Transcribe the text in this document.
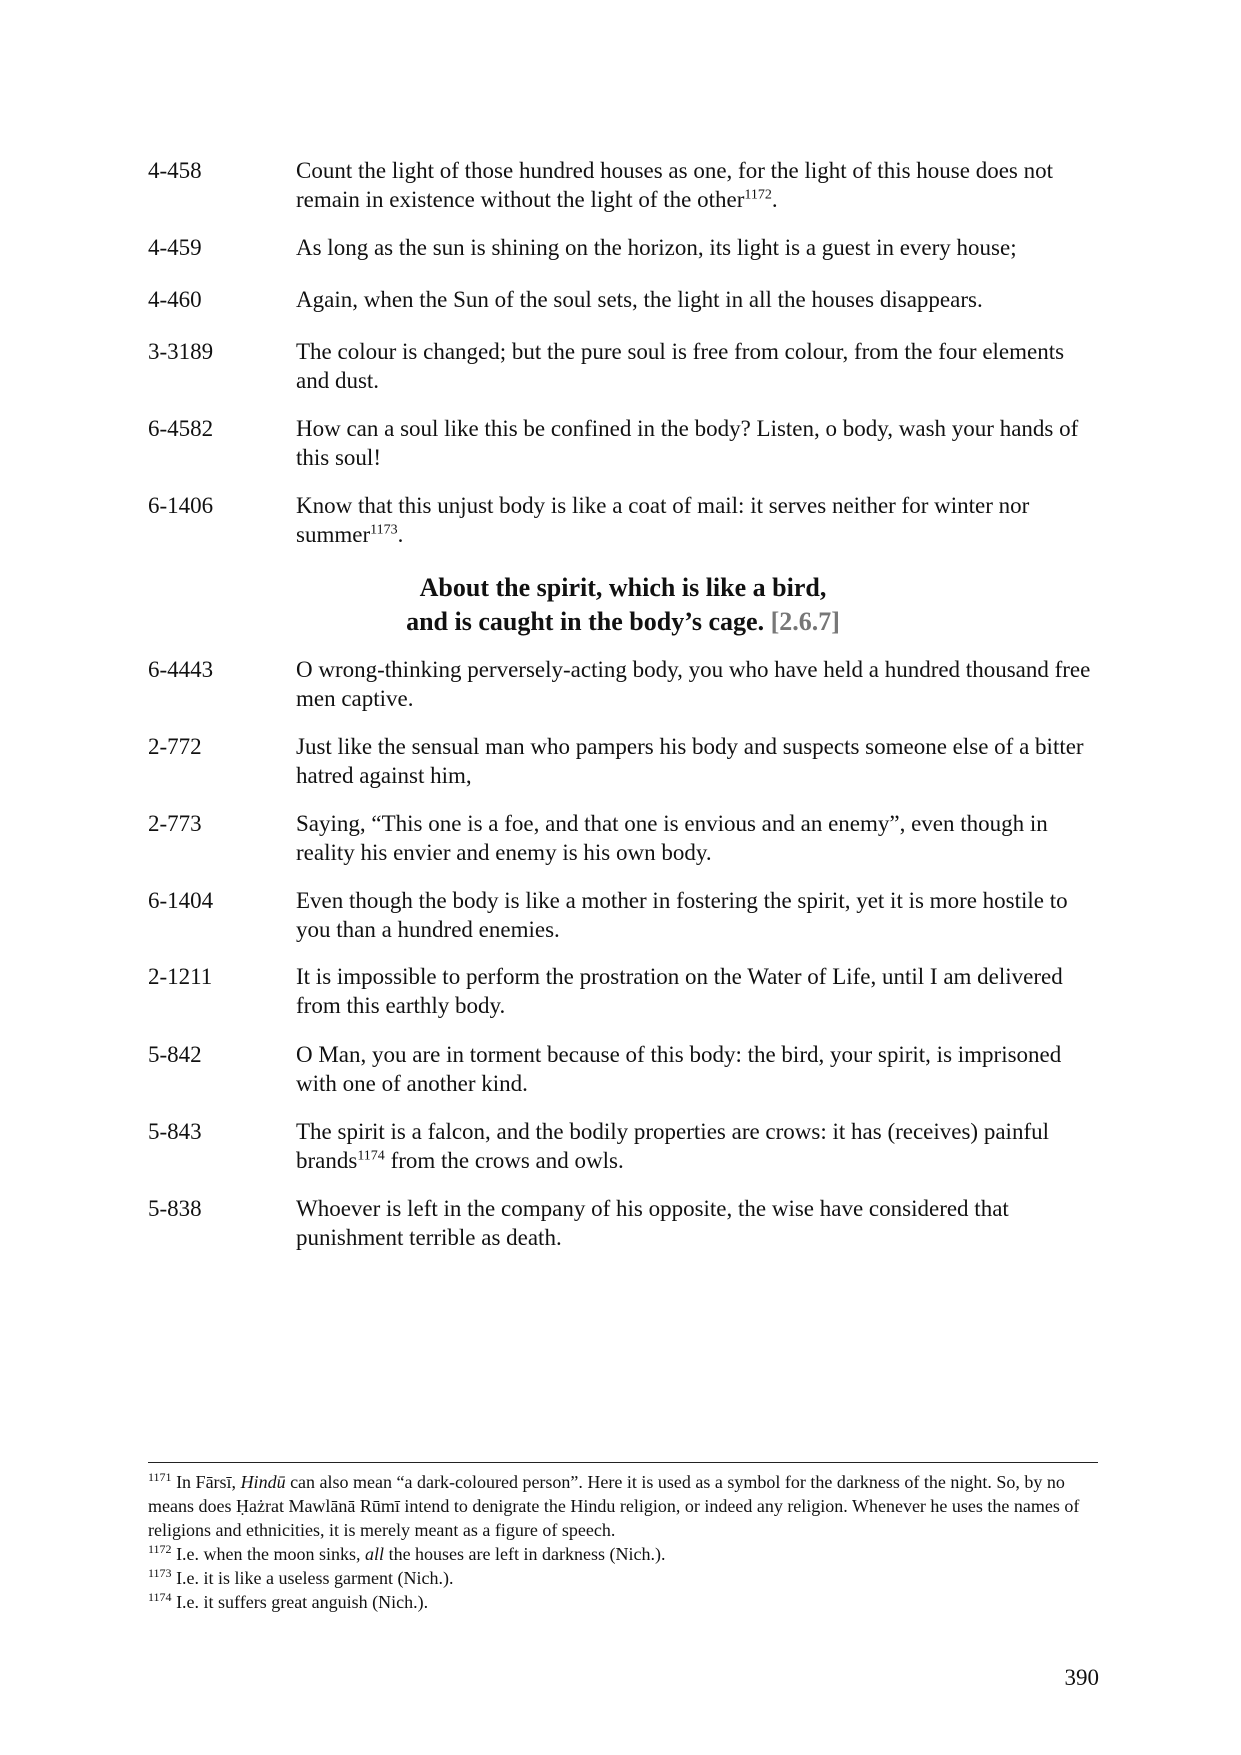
4-458	Count the light of those hundred houses as one, for the light of this house does not remain in existence without the light of the other$^{1172}$.
4-459	As long as the sun is shining on the horizon, its light is a guest in every house;
4-460	Again, when the Sun of the soul sets, the light in all the houses disappears.
3-3189	The colour is changed; but the pure soul is free from colour, from the four elements and dust.
6-4582	How can a soul like this be confined in the body? Listen, o body, wash your hands of this soul!
6-1406	Know that this unjust body is like a coat of mail: it serves neither for winter nor summer$^{1173}$.
About the spirit, which is like a bird,
and is caught in the body’s cage. [2.6.7]
6-4443	O wrong-thinking perversely-acting body, you who have held a hundred thousand free men captive.
2-772	Just like the sensual man who pampers his body and suspects someone else of a bitter hatred against him,
2-773	Saying, “This one is a foe, and that one is envious and an enemy”, even though in reality his envier and enemy is his own body.
6-1404	Even though the body is like a mother in fostering the spirit, yet it is more hostile to you than a hundred enemies.
2-1211	It is impossible to perform the prostration on the Water of Life, until I am delivered from this earthly body.
5-842	O Man, you are in torment because of this body: the bird, your spirit, is imprisoned with one of another kind.
5-843	The spirit is a falcon, and the bodily properties are crows: it has (receives) painful brands$^{1174}$ from the crows and owls.
5-838	Whoever is left in the company of his opposite, the wise have considered that punishment terrible as death.
$^{1171}$ In Fārsī, Hindū can also mean “a dark-coloured person”. Here it is used as a symbol for the darkness of the night. So, by no means does Ḥażrat Mawlānā Rūmī intend to denigrate the Hindu religion, or indeed any religion. Whenever he uses the names of religions and ethnicities, it is merely meant as a figure of speech.
$^{1172}$ I.e. when the moon sinks, all the houses are left in darkness (Nich.).
$^{1173}$ I.e. it is like a useless garment (Nich.).
$^{1174}$ I.e. it suffers great anguish (Nich.).
390
